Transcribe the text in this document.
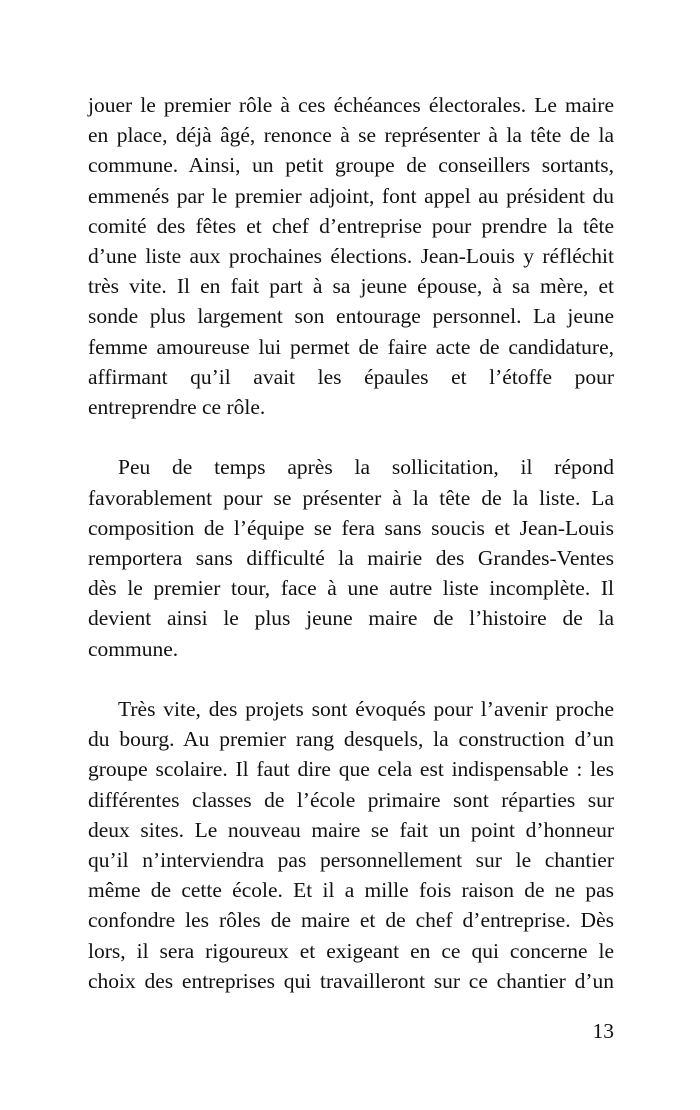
jouer le premier rôle à ces échéances électorales. Le maire
en place, déjà âgé, renonce à se représenter à la tête de la
commune. Ainsi, un petit groupe de conseillers sortants,
emmenés par le premier adjoint, font appel au président du
comité des fêtes et chef d’entreprise pour prendre la tête
d’une liste aux prochaines élections. Jean-Louis y réfléchit
très vite. Il en fait part à sa jeune épouse, à sa mère, et
sonde plus largement son entourage personnel. La jeune
femme amoureuse lui permet de faire acte de candidature,
affirmant qu’il avait les épaules et l’étoffe pour
entreprendre ce rôle.

Peu de temps après la sollicitation, il répond
favorablement pour se présenter à la tête de la liste. La
composition de l’équipe se fera sans soucis et Jean-Louis
remportera sans difficulté la mairie des Grandes-Ventes
dès le premier tour, face à une autre liste incomplète. Il
devient ainsi le plus jeune maire de l’histoire de la
commune.

Très vite, des projets sont évoqués pour l’avenir proche
du bourg. Au premier rang desquels, la construction d’un
groupe scolaire. Il faut dire que cela est indispensable : les
différentes classes de l’école primaire sont réparties sur
deux sites. Le nouveau maire se fait un point d’honneur
qu’il n’interviendra pas personnellement sur le chantier
même de cette école. Et il a mille fois raison de ne pas
confondre les rôles de maire et de chef d’entreprise. Dès
lors, il sera rigoureux et exigeant en ce qui concerne le
choix des entreprises qui travailleront sur ce chantier d’un

13
